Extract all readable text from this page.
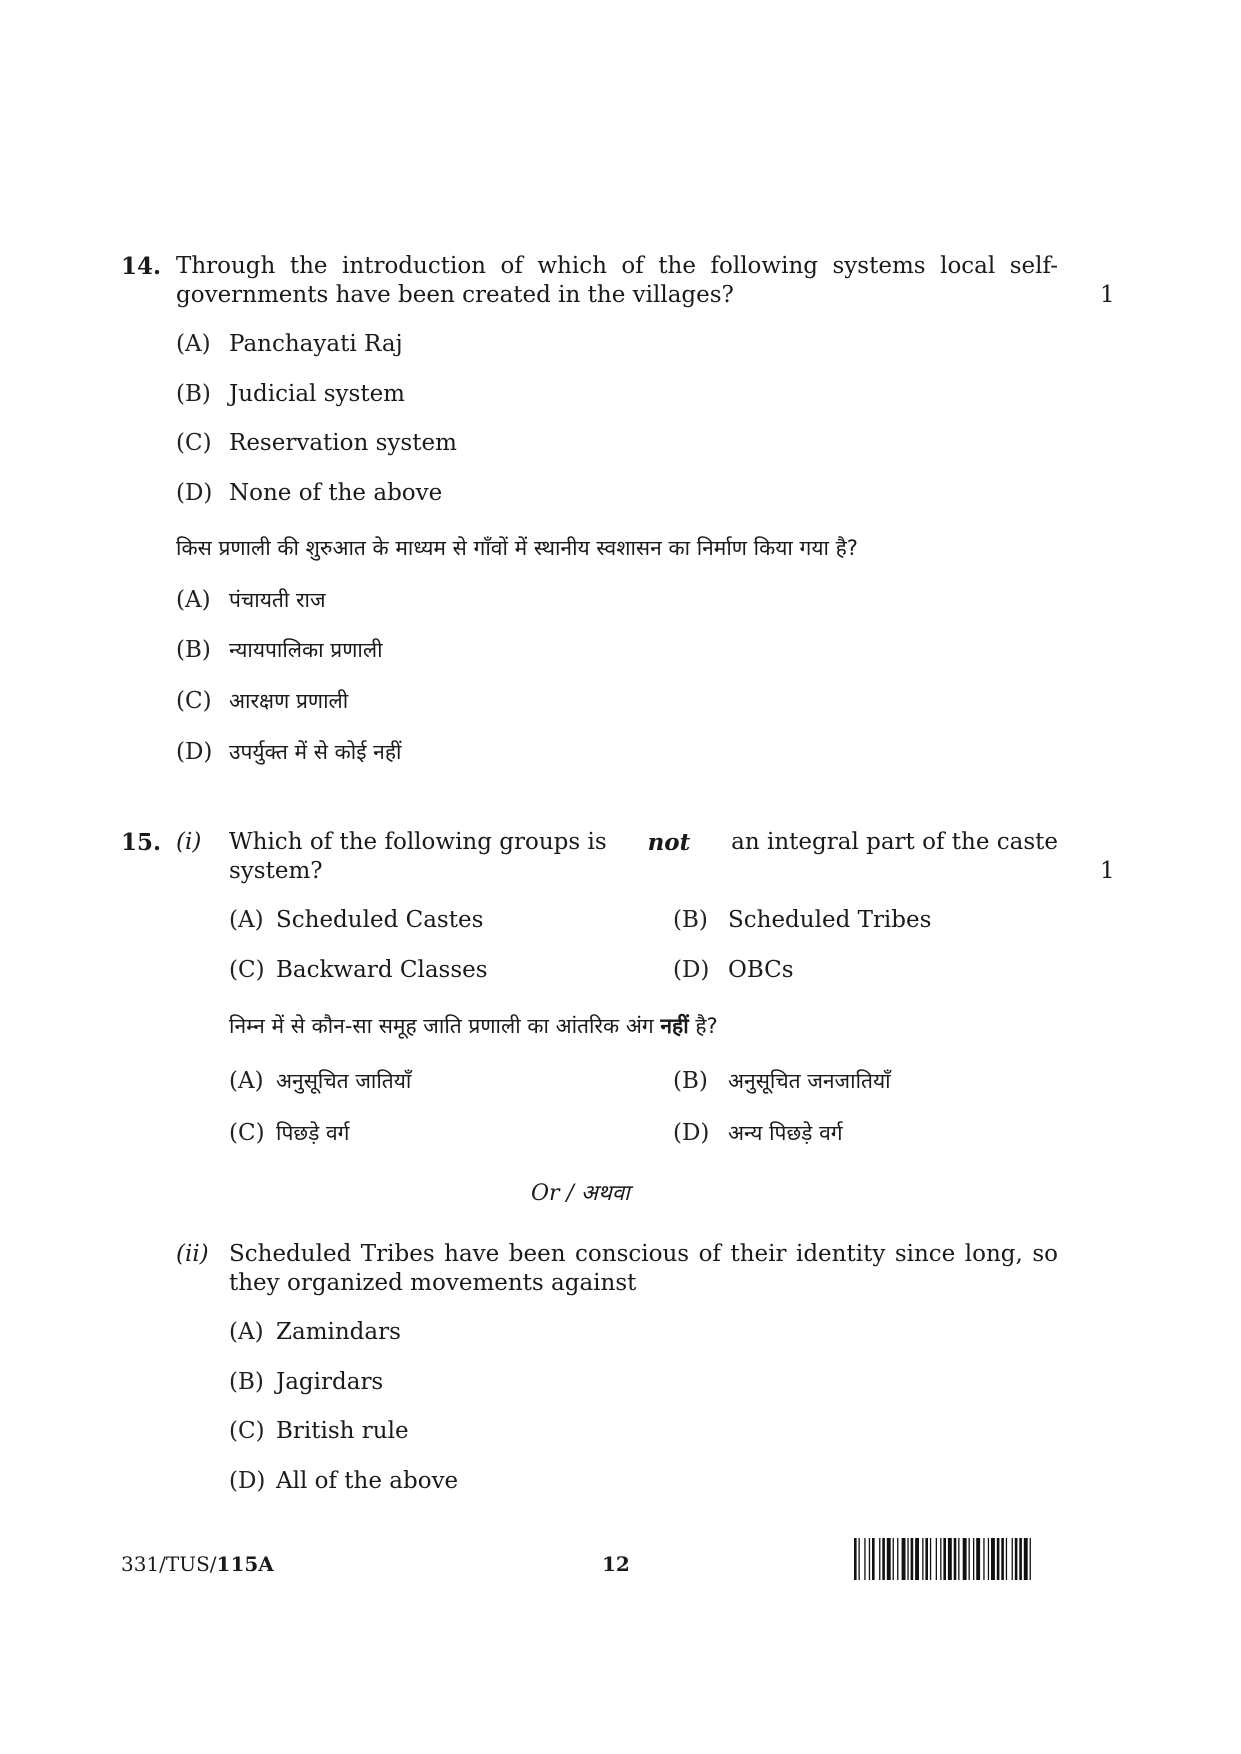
14. Through the introduction of which of the following systems local self-
governments have been created in the villages?	1
(A) Panchayati Raj
(B) Judicial system
(C) Reservation system
(D) None of the above
किस प्रणाली की शुरुआत के माध्यम से गाँवों में स्थानीय स्वशासन का निर्माण किया गया है?
(A) पंचायती राज
(B) न्यायपालिका प्रणाली
(C) आरक्षण प्रणाली
(D) उपर्युक्त में से कोई नहीं
15. (i) Which of the following groups is not an integral part of the caste
system?	1
(A) Scheduled Castes	(B) Scheduled Tribes
(C) Backward Classes	(D) OBCs
निम्न में से कौन-सा समूह जाति प्रणाली का आंतरिक अंग नहीं है?
(A) अनुसूचित जातियाँ	(B) अनुसूचित जनजातियाँ
(C) पिछड़े वर्ग	(D) अन्य पिछड़े वर्ग
Or / अथवा
(ii) Scheduled Tribes have been conscious of their identity since long, so
they organized movements against
(A) Zamindars
(B) Jagirdars
(C) British rule
(D) All of the above
331/TUS/115A	12
